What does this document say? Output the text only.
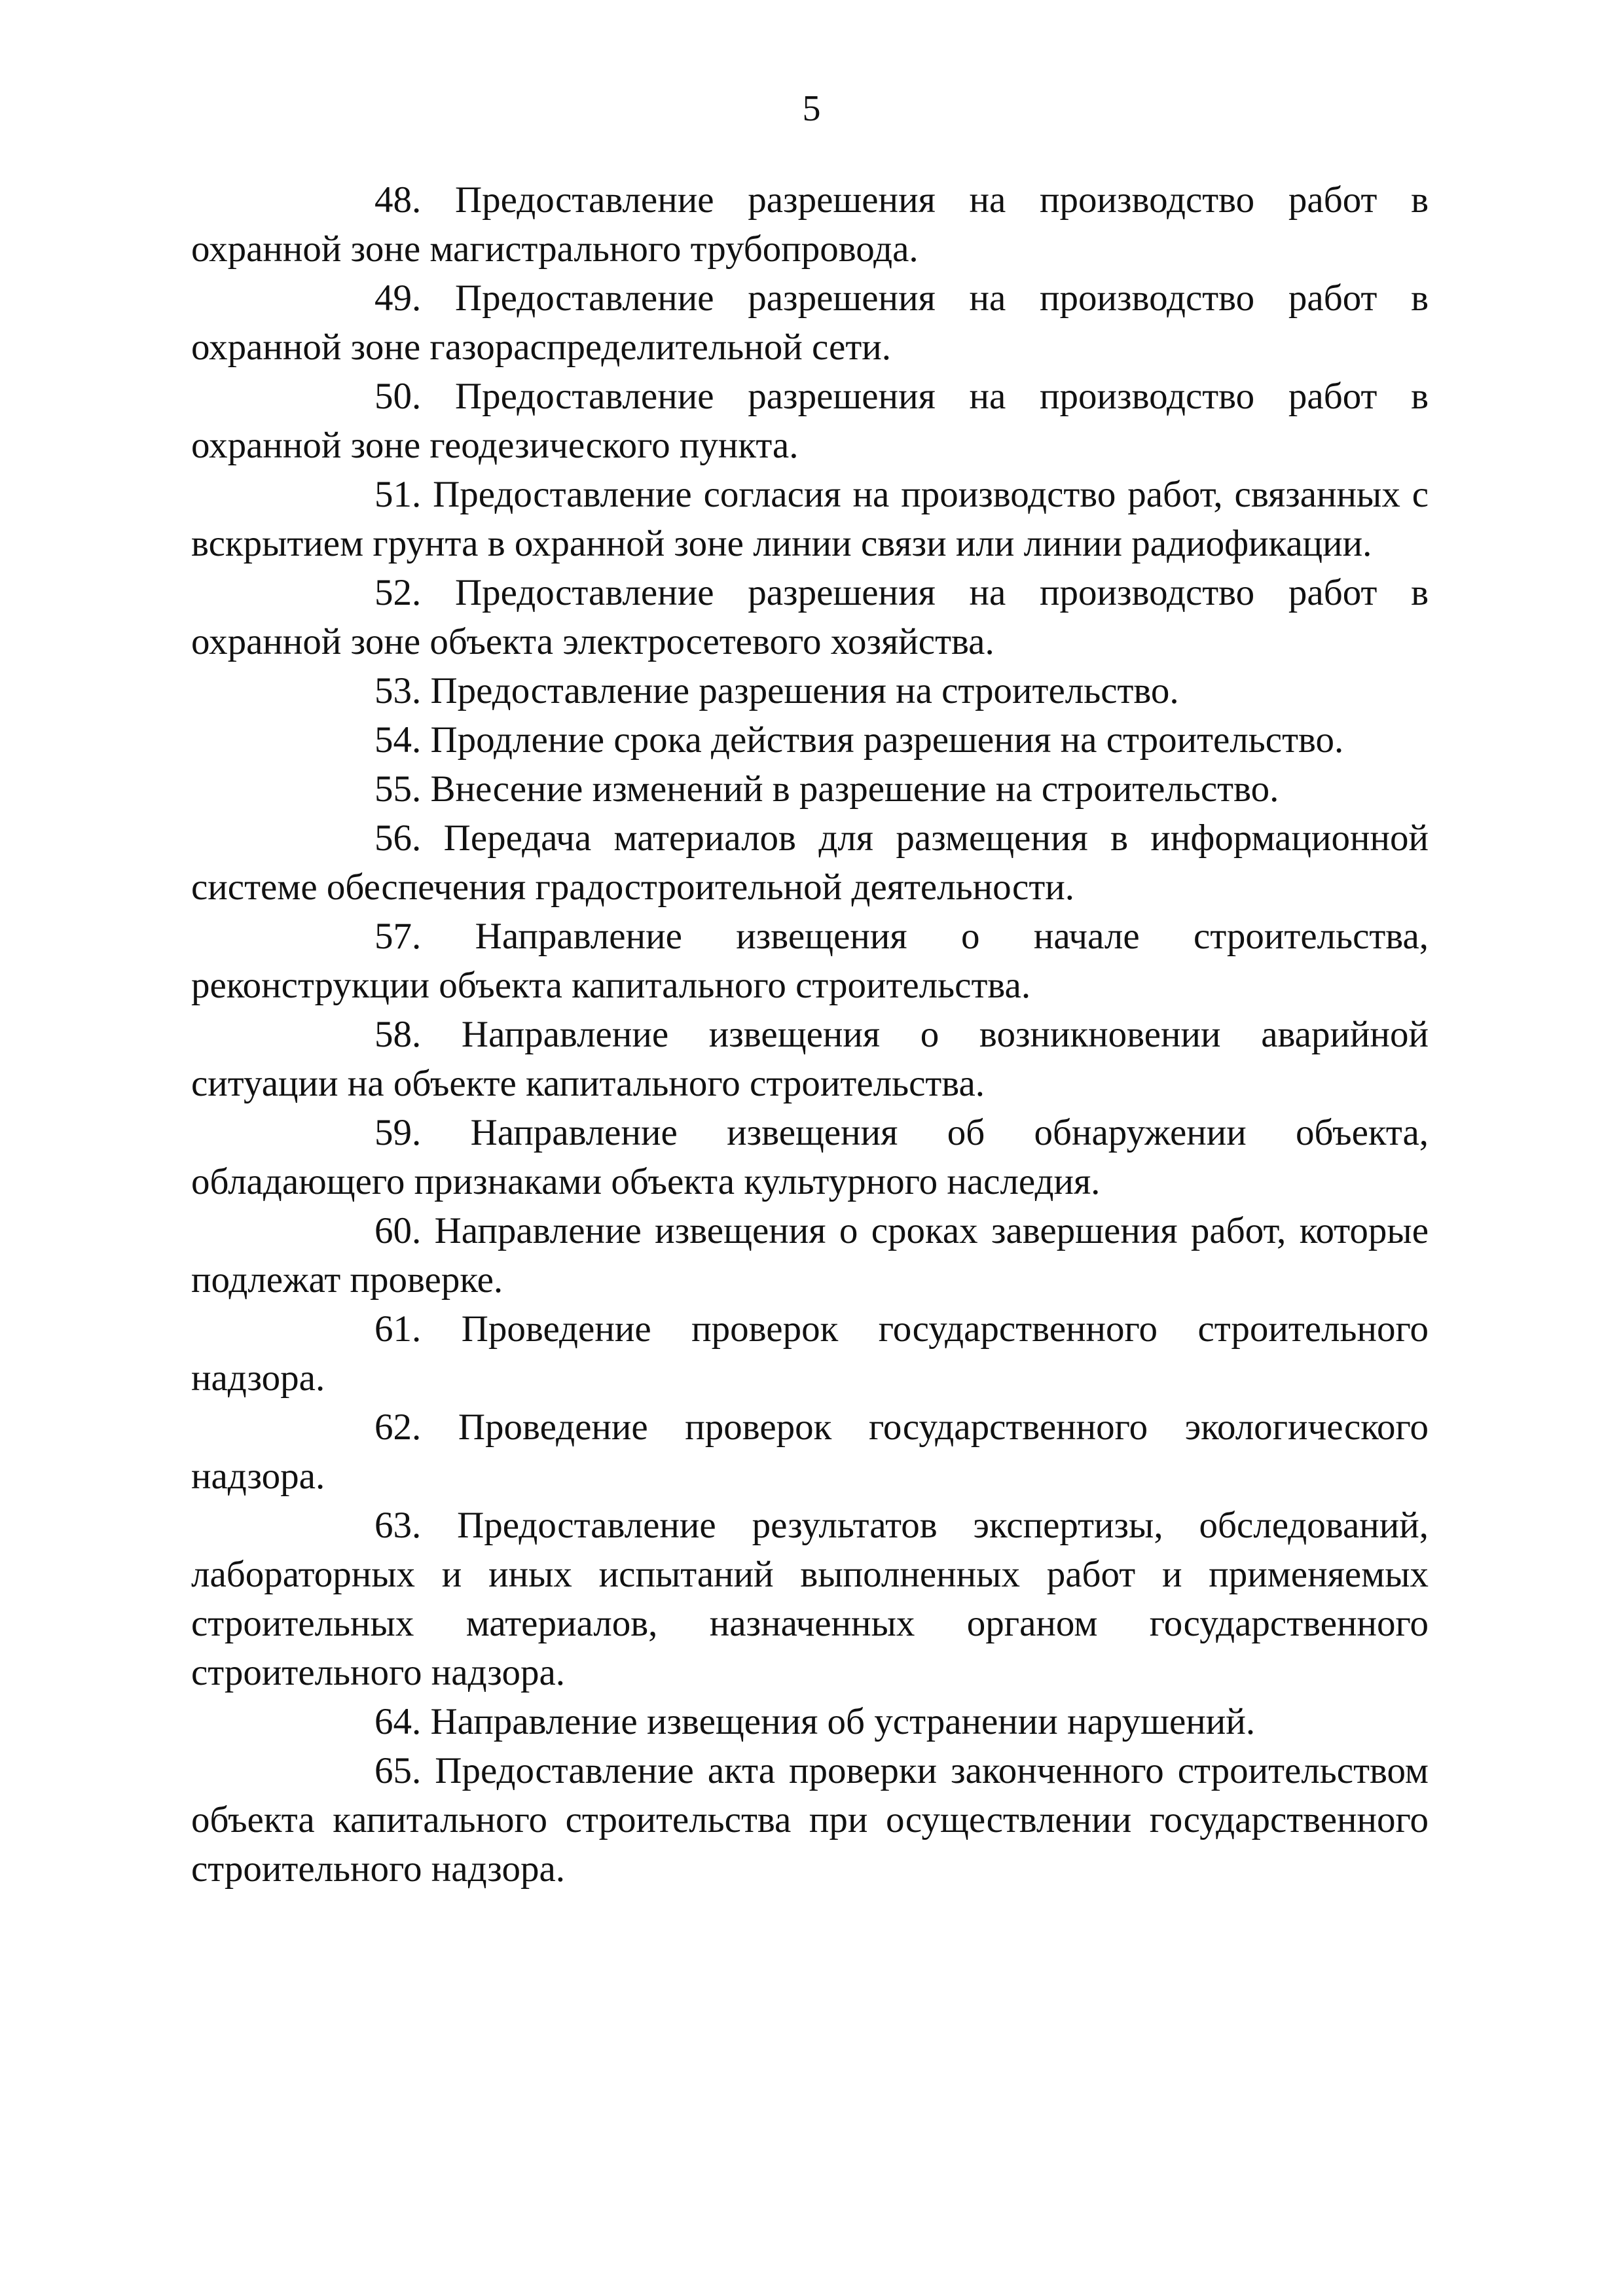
5

48. Предоставление разрешения на производство работ в охранной зоне магистрального трубопровода.

49. Предоставление разрешения на производство работ в охранной зоне газораспределительной сети.

50. Предоставление разрешения на производство работ в охранной зоне геодезического пункта.

51. Предоставление согласия на производство работ, связанных с вскрытием грунта в охранной зоне линии связи или линии радиофикации.

52. Предоставление разрешения на производство работ в охранной зоне объекта электросетевого хозяйства.

53. Предоставление разрешения на строительство.

54. Продление срока действия разрешения на строительство.

55. Внесение изменений в разрешение на строительство.

56. Передача материалов для размещения в информационной системе обеспечения градостроительной деятельности.

57. Направление извещения о начале строительства, реконструкции объекта капитального строительства.

58. Направление извещения о возникновении аварийной ситуации на объекте капитального строительства.

59. Направление извещения об обнаружении объекта, обладающего признаками объекта культурного наследия.

60. Направление извещения о сроках завершения работ, которые подлежат проверке.

61. Проведение проверок государственного строительного надзора.

62. Проведение проверок государственного экологического надзора.

63. Предоставление результатов экспертизы, обследований, лабораторных и иных испытаний выполненных работ и применяемых строительных материалов, назначенных органом государственного строительного надзора.

64. Направление извещения об устранении нарушений.

65. Предоставление акта проверки законченного строительством объекта капитального строительства при осуществлении государственного строительного надзора.
